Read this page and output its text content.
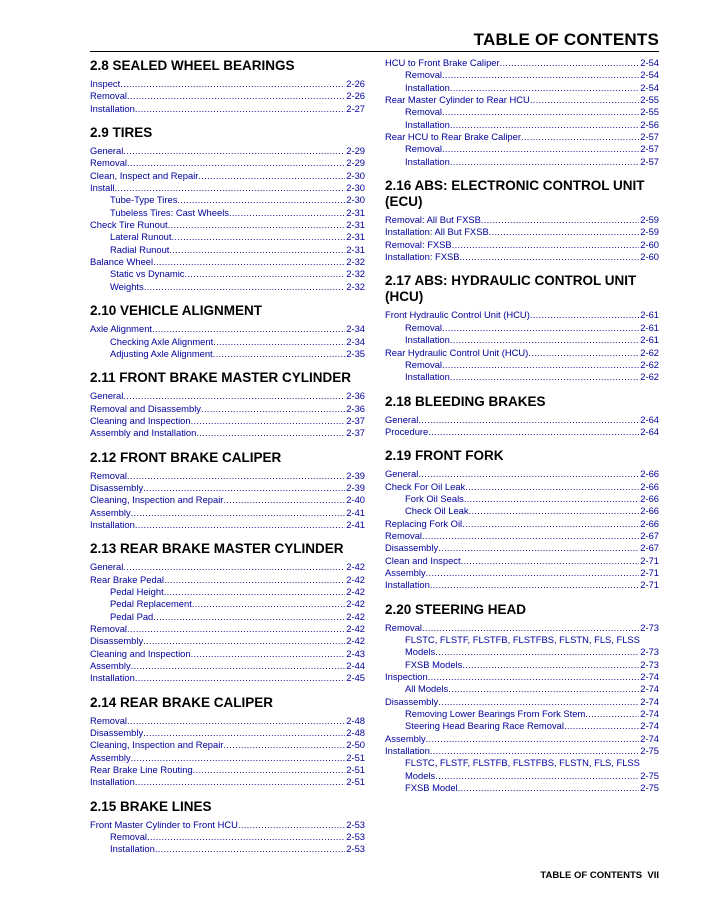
TABLE OF CONTENTS
2.8 SEALED WHEEL BEARINGS
Inspect .....	2-26
Removal .....	2-26
Installation .....	2-27
2.9 TIRES
General .....	2-29
Removal .....	2-29
Clean, Inspect and Repair .....	2-30
Install .....	2-30
Tube-Type Tires .....	2-30
Tubeless Tires: Cast Wheels .....	2-31
Check Tire Runout .....	2-31
Lateral Runout .....	2-31
Radial Runout .....	2-31
Balance Wheel .....	2-32
Static vs Dynamic .....	2-32
Weights .....	2-32
2.10 VEHICLE ALIGNMENT
Axle Alignment .....	2-34
Checking Axle Alignment .....	2-34
Adjusting Axle Alignment .....	2-35
2.11 FRONT BRAKE MASTER CYLINDER
General .....	2-36
Removal and Disassembly .....	2-36
Cleaning and Inspection .....	2-37
Assembly and Installation .....	2-37
2.12 FRONT BRAKE CALIPER
Removal .....	2-39
Disassembly .....	2-39
Cleaning, Inspection and Repair .....	2-40
Assembly .....	2-41
Installation .....	2-41
2.13 REAR BRAKE MASTER CYLINDER
General .....	2-42
Rear Brake Pedal .....	2-42
Pedal Height .....	2-42
Pedal Replacement .....	2-42
Pedal Pad .....	2-42
Removal .....	2-42
Disassembly .....	2-42
Cleaning and Inspection .....	2-43
Assembly .....	2-44
Installation .....	2-45
2.14 REAR BRAKE CALIPER
Removal .....	2-48
Disassembly .....	2-48
Cleaning, Inspection and Repair .....	2-50
Assembly .....	2-51
Rear Brake Line Routing .....	2-51
Installation .....	2-51
2.15 BRAKE LINES
Front Master Cylinder to Front HCU .....	2-53
Removal .....	2-53
Installation .....	2-53
HCU to Front Brake Caliper .....	2-54
Removal .....	2-54
Installation .....	2-54
Rear Master Cylinder to Rear HCU .....	2-55
Removal .....	2-55
Installation .....	2-56
Rear HCU to Rear Brake Caliper .....	2-57
Removal .....	2-57
Installation .....	2-57
2.16 ABS: ELECTRONIC CONTROL UNIT (ECU)
Removal: All But FXSB .....	2-59
Installation: All But FXSB .....	2-59
Removal: FXSB .....	2-60
Installation: FXSB .....	2-60
2.17 ABS: HYDRAULIC CONTROL UNIT (HCU)
Front Hydraulic Control Unit (HCU) .....	2-61
Removal .....	2-61
Installation .....	2-61
Rear Hydraulic Control Unit (HCU) .....	2-62
Removal .....	2-62
Installation .....	2-62
2.18 BLEEDING BRAKES
General .....	2-64
Procedure .....	2-64
2.19 FRONT FORK
General .....	2-66
Check For Oil Leak .....	2-66
Fork Oil Seals .....	2-66
Check Oil Leak .....	2-66
Replacing Fork Oil .....	2-66
Removal .....	2-67
Disassembly .....	2-67
Clean and Inspect .....	2-71
Assembly .....	2-71
Installation .....	2-71
2.20 STEERING HEAD
Removal .....	2-73
FLSTC, FLSTF, FLSTFB, FLSTFBS, FLSTN, FLS, FLSS
Models .....	2-73
FXSB Models .....	2-73
Inspection .....	2-74
All Models .....	2-74
Disassembly .....	2-74
Removing Lower Bearings From Fork Stem .....	2-74
Steering Head Bearing Race Removal .....	2-74
Assembly .....	2-74
Installation .....	2-75
FLSTC, FLSTF, FLSTFB, FLSTFBS, FLSTN, FLS, FLSS
Models .....	2-75
FXSB Model .....	2-75
TABLE OF CONTENTS VII
